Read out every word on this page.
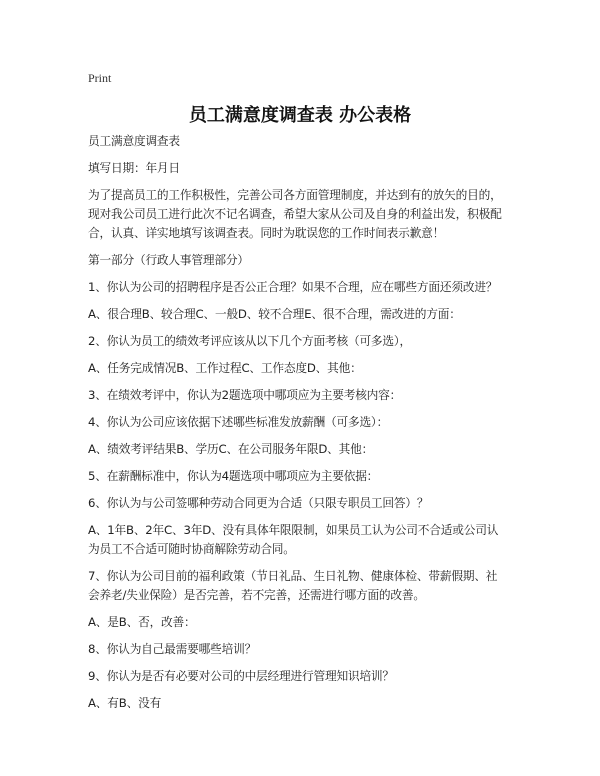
Print
员工满意度调查表 办公表格
员工满意度调查表
填写日期：年月日
为了提高员工的工作积极性，完善公司各方面管理制度，并达到有的放矢的目的，
现对我公司员工进行此次不记名调查，希望大家从公司及自身的利益出发，积极配
合，认真、详实地填写该调查表。同时为耽误您的工作时间表示歉意！
第一部分（行政人事管理部分）
1、你认为公司的招聘程序是否公正合理？如果不合理，应在哪些方面还须改进？
A、很合理B、较合理C、一般D、较不合理E、很不合理，需改进的方面：
2、你认为员工的绩效考评应该从以下几个方面考核（可多选），
A、任务完成情况B、工作过程C、工作态度D、其他：
3、在绩效考评中，你认为2题选项中哪项应为主要考核内容：
4、你认为公司应该依据下述哪些标准发放薪酬（可多选）：
A、绩效考评结果B、学历C、在公司服务年限D、其他：
5、在薪酬标准中，你认为4题选项中哪项应为主要依据：
6、你认为与公司签哪种劳动合同更为合适（只限专职员工回答）？
A、1年B、2年C、3年D、没有具体年限限制，如果员工认为公司不合适或公司认
为员工不合适可随时协商解除劳动合同。
7、你认为公司目前的福利政策（节日礼品、生日礼物、健康体检、带薪假期、社
会养老/失业保险）是否完善，若不完善，还需进行哪方面的改善。
A、是B、否，改善：
8、你认为自己最需要哪些培训？
9、你认为是否有必要对公司的中层经理进行管理知识培训？
A、有B、没有
